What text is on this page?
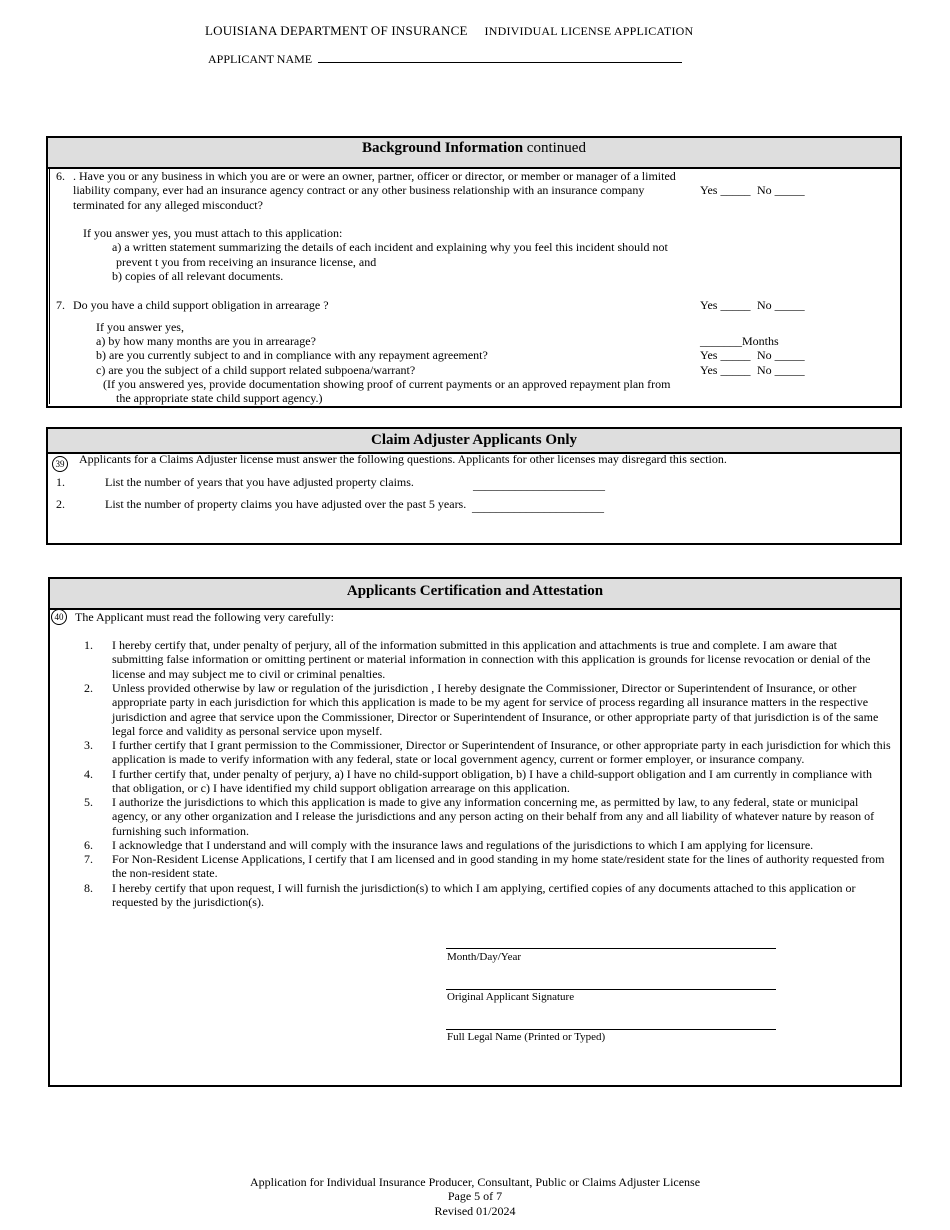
LOUISIANA DEPARTMENT OF INSURANCE INDIVIDUAL LICENSE APPLICATION
APPLICANT NAME
Background Information continued
6. . Have you or any business in which you are or were an owner, partner, officer or director, or member or manager of a limited
liability company, ever had an insurance agency contract or any other business relationship with an insurance company
terminated for any alleged misconduct?
Yes _____ No _____
If you answer yes, you must attach to this application:
a) a written statement summarizing the details of each incident and explaining why you feel this incident should not
prevent t you from receiving an insurance license, and
b) copies of all relevant documents.
7. Do you have a child support obligation in arrearage ?	Yes _____ No _____
If you answer yes,
a) by how many months are you in arrearage?	_______Months
b) are you currently subject to and in compliance with any repayment agreement?	Yes _____ No _____
c) are you the subject of a child support related subpoena/warrant?	Yes _____ No _____
(If you answered yes, provide documentation showing proof of current payments or an approved repayment plan from
the appropriate state child support agency.)
Claim Adjuster Applicants Only
39 Applicants for a Claims Adjuster license must answer the following questions. Applicants for other licenses may disregard this section.
1.	List the number of years that you have adjusted property claims.	______________________
2.	List the number of property claims you have adjusted over the past 5 years. ______________________
Applicants Certification and Attestation
40 The Applicant must read the following very carefully:
1. I hereby certify that, under penalty of perjury, all of the information submitted in this application and attachments is true and complete. I am aware that
submitting false information or omitting pertinent or material information in connection with this application is grounds for license revocation or denial of the
license and may subject me to civil or criminal penalties.
2. Unless provided otherwise by law or regulation of the jurisdiction , I hereby designate the Commissioner, Director or Superintendent of Insurance, or other
appropriate party in each jurisdiction for which this application is made to be my agent for service of process regarding all insurance matters in the respective
jurisdiction and agree that service upon the Commissioner, Director or Superintendent of Insurance, or other appropriate party of that jurisdiction is of the same
legal force and validity as personal service upon myself.
3. I further certify that I grant permission to the Commissioner, Director or Superintendent of Insurance, or other appropriate party in each jurisdiction for which this
application is made to verify information with any federal, state or local government agency, current or former employer, or insurance company.
4. I further certify that, under penalty of perjury, a) I have no child-support obligation, b) I have a child-support obligation and I am currently in compliance with
that obligation, or c) I have identified my child support obligation arrearage on this application.
5. I authorize the jurisdictions to which this application is made to give any information concerning me, as permitted by law, to any federal, state or municipal
agency, or any other organization and I release the jurisdictions and any person acting on their behalf from any and all liability of whatever nature by reason of
furnishing such information.
6. I acknowledge that I understand and will comply with the insurance laws and regulations of the jurisdictions to which I am applying for licensure.
7. For Non-Resident License Applications, I certify that I am licensed and in good standing in my home state/resident state for the lines of authority requested from
the non-resident state.
8. I hereby certify that upon request, I will furnish the jurisdiction(s) to which I am applying, certified copies of any documents attached to this application or
requested by the jurisdiction(s).
Month/Day/Year
Original Applicant Signature
Full Legal Name (Printed or Typed)
Application for Individual Insurance Producer, Consultant, Public or Claims Adjuster License
Page 5 of 7
Revised 01/2024
